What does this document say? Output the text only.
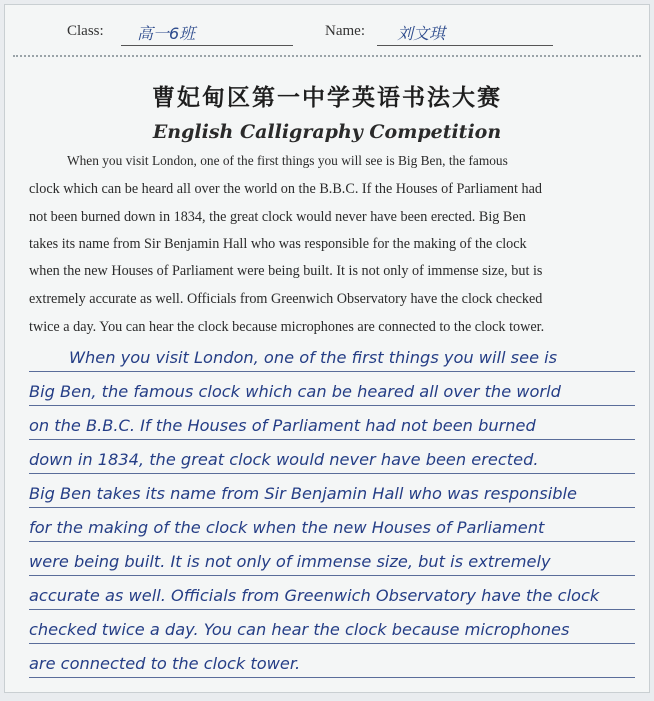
Class: 高一6班	Name: 刘文琪
曹妃甸区第一中学英语书法大赛
English Calligraphy Competition
When you visit London, one of the first things you will see is Big Ben, the famous
clock which can be heard all over the world on the B.B.C. If the Houses of Parliament had
not been burned down in 1834, the great clock would never have been erected. Big Ben
takes its name from Sir Benjamin Hall who was responsible for the making of the clock
when the new Houses of Parliament were being built. It is not only of immense size, but is
extremely accurate as well. Officials from Greenwich Observatory have the clock checked
twice a day. You can hear the clock because microphones are connected to the clock tower.
When you visit London, one of the first things you will see is
Big Ben, the famous clock which can be heared all over the world
on the B.B.C. If the Houses of Parliament had not been burned
down in 1834, the great clock would never have been erected.
Big Ben takes its name from Sir Benjamin Hall who was responsible
for the making of the clock when the new Houses of Parliament
were being built. It is not only of immense size, but is extremely
accurate as well. Officials from Greenwich Observatory have the clock
checked twice a day. You can hear the clock because microphones
are connected to the clock tower.
